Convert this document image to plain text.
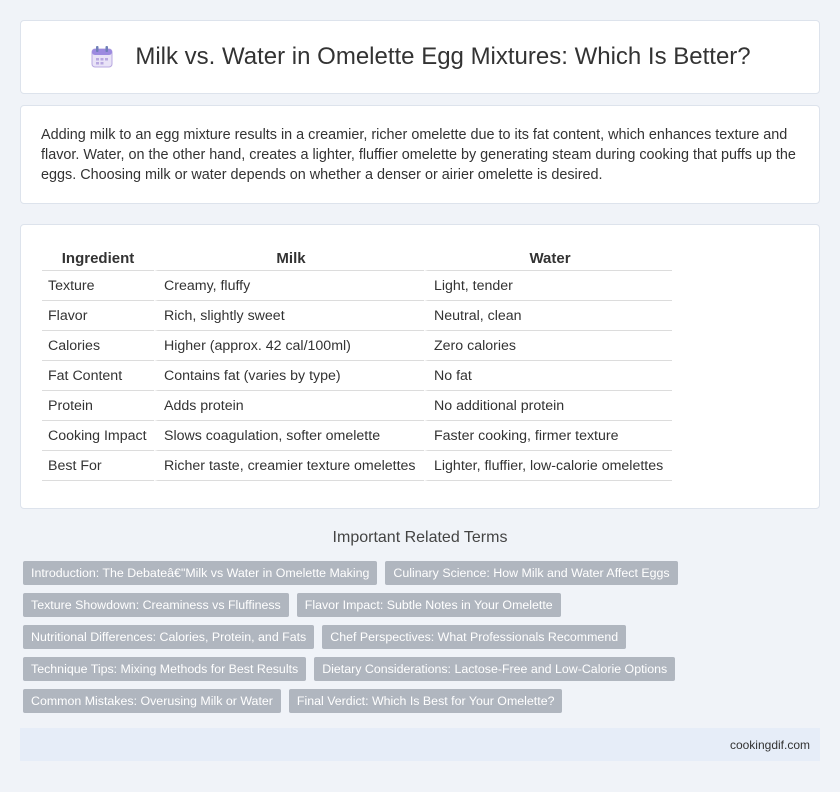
Milk vs. Water in Omelette Egg Mixtures: Which Is Better?

Adding milk to an egg mixture results in a creamier, richer omelette due to its fat content, which enhances texture and flavor. Water, on the other hand, creates a lighter, fluffier omelette by generating steam during cooking that puffs up the eggs. Choosing milk or water depends on whether a denser or airier omelette is desired.

Ingredient	Milk	Water
Texture	Creamy, fluffy	Light, tender
Flavor	Rich, slightly sweet	Neutral, clean
Calories	Higher (approx. 42 cal/100ml)	Zero calories
Fat Content	Contains fat (varies by type)	No fat
Protein	Adds protein	No additional protein
Cooking Impact	Slows coagulation, softer omelette	Faster cooking, firmer texture
Best For	Richer taste, creamier texture omelettes	Lighter, fluffier, low-calorie omelettes
Important Related Terms
Introduction: The Debateâ€"Milk vs Water in Omelette Making	Culinary Science: How Milk and Water Affect Eggs
Texture Showdown: Creaminess vs Fluffiness	Flavor Impact: Subtle Notes in Your Omelette
Nutritional Differences: Calories, Protein, and Fats	Chef Perspectives: What Professionals Recommend
Technique Tips: Mixing Methods for Best Results	Dietary Considerations: Lactose-Free and Low-Calorie Options
Common Mistakes: Overusing Milk or Water	Final Verdict: Which Is Best for Your Omelette?
cookingdif.com
